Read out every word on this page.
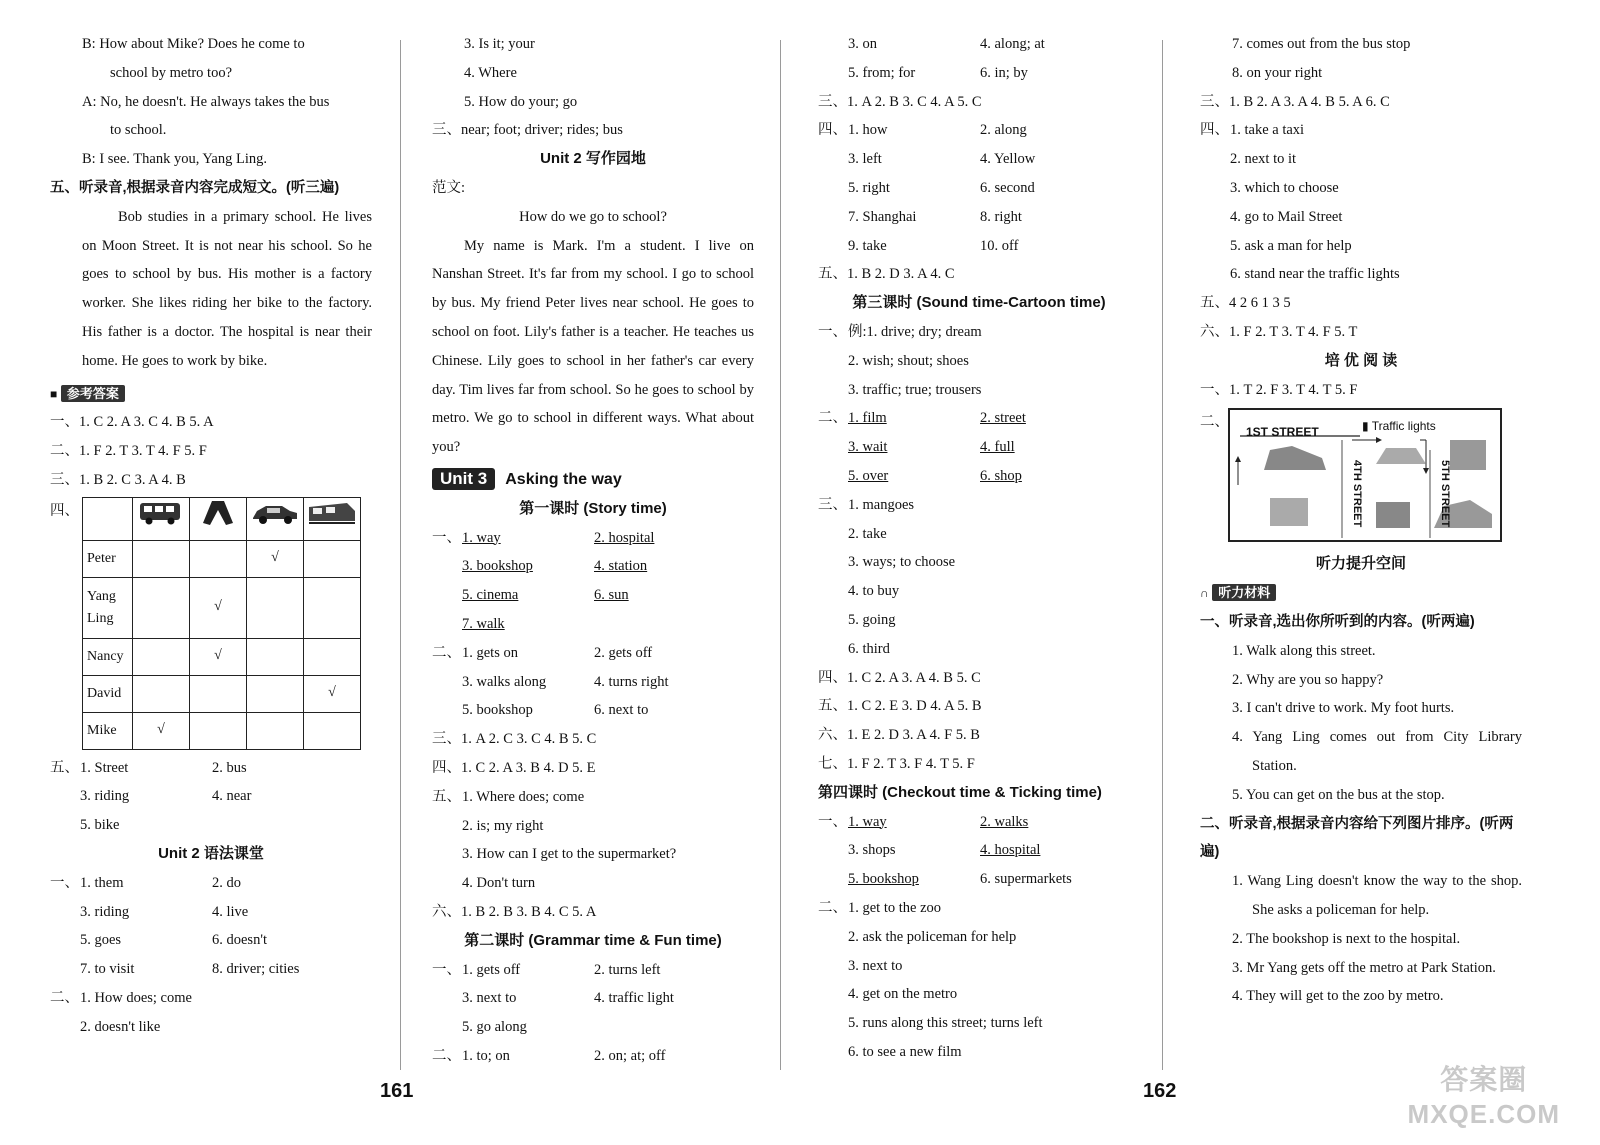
B: How about Mike? Does he come to
school by metro too?
A: No, he doesn't. He always takes the bus
to school.
B: I see. Thank you, Yang Ling.
五、听录音,根据录音内容完成短文。(听三遍)
Bob studies in a primary school. He lives on Moon Street. It is not near his school. So he goes to school by bus. His mother is a factory worker. She likes riding her bike to the factory. His father is a doctor. The hospital is near their home. He goes to work by bike.
■ 参考答案
一、1. C 2. A 3. C 4. B 5. A
二、1. F 2. T 3. T 4. F 5. F
三、1. B 2. C 3. A 4. B
四、

Peter			√	
Yang Ling		√		
Nancy		√		
David				√
Mike	√			
五、 1. Street	2. bus
3. riding	4. near
5. bike
Unit 2 语法课堂
一、 1. them	2. do
3. riding	4. live
5. goes	6. doesn't
7. to visit	8. driver; cities
二、 1. How does; come
2. doesn't like
3. Is it; your
4. Where
5. How do your; go
三、near; foot; driver; rides; bus
Unit 2 写作园地
范文:
How do we go to school?
My name is Mark. I'm a student. I live on Nanshan Street. It's far from my school. I go to school by bus. My friend Peter lives near school. He goes to school on foot. Lily's father is a teacher. He teaches us Chinese. Lily goes to school in her father's car every day. Tim lives far from school. So he goes to school by metro. We go to school in different ways. What about you?
Unit 3 Asking the way
第一课时 (Story time)
一、 1. way	2. hospital
3. bookshop	4. station
5. cinema	6. sun
7. walk
二、 1. gets on	2. gets off
3. walks along	4. turns right
5. bookshop	6. next to
三、1. A 2. C 3. C 4. B 5. C
四、1. C 2. A 3. B 4. D 5. E
五、 1. Where does; come
2. is; my right
3. How can I get to the supermarket?
4. Don't turn
六、1. B 2. B 3. B 4. C 5. A
第二课时 (Grammar time & Fun time)
一、 1. gets off	2. turns left
3. next to	4. traffic light
5. go along
二、 1. to; on	2. on; at; off
3. on	4. along; at
5. from; for	6. in; by
三、1. A 2. B 3. C 4. A 5. C
四、 1. how	2. along
3. left	4. Yellow
5. right	6. second
7. Shanghai	8. right
9. take	10. off
五、1. B 2. D 3. A 4. C
第三课时 (Sound time-Cartoon time)
一、 例:1. drive; dry; dream
2. wish; shout; shoes
3. traffic; true; trousers
二、 1. film	2. street
3. wait	4. full
5. over	6. shop
三、 1. mangoes
2. take
3. ways; to choose
4. to buy
5. going
6. third
四、1. C 2. A 3. A 4. B 5. C
五、1. C 2. E 3. D 4. A 5. B
六、1. E 2. D 3. A 4. F 5. B
七、1. F 2. T 3. F 4. T 5. F
第四课时 (Checkout time & Ticking time)
一、 1. way	2. walks
3. shops	4. hospital
5. bookshop	6. supermarkets
二、 1. get to the zoo
2. ask the policeman for help
3. next to
4. get on the metro
5. runs along this street; turns left
6. to see a new film
7. comes out from the bus stop
8. on your right
三、1. B 2. A 3. A 4. B 5. A 6. C
四、 1. take a taxi
2. next to it
3. which to choose
4. go to Mail Street
5. ask a man for help
6. stand near the traffic lights
五、4 2 6 1 3 5
六、1. F 2. T 3. T 4. F 5. T
培 优 阅 读
一、1. T 2. F 3. T 4. T 5. F
二、
1ST STREET	▮ Traffic lights
4TH STREET	5TH STREET
听力提升空间
∩ 听力材料
一、听录音,选出你所听到的内容。(听两遍)
1. Walk along this street.
2. Why are you so happy?
3. I can't drive to work. My foot hurts.
4. Yang Ling comes out from City Library Station.
5. You can get on the bus at the stop.
二、听录音,根据录音内容给下列图片排序。(听两遍)
1. Wang Ling doesn't know the way to the shop. She asks a policeman for help.
2. The bookshop is next to the hospital.
3. Mr Yang gets off the metro at Park Station.
4. They will get to the zoo by metro.
161	162	答案圈
MXQE.COM
